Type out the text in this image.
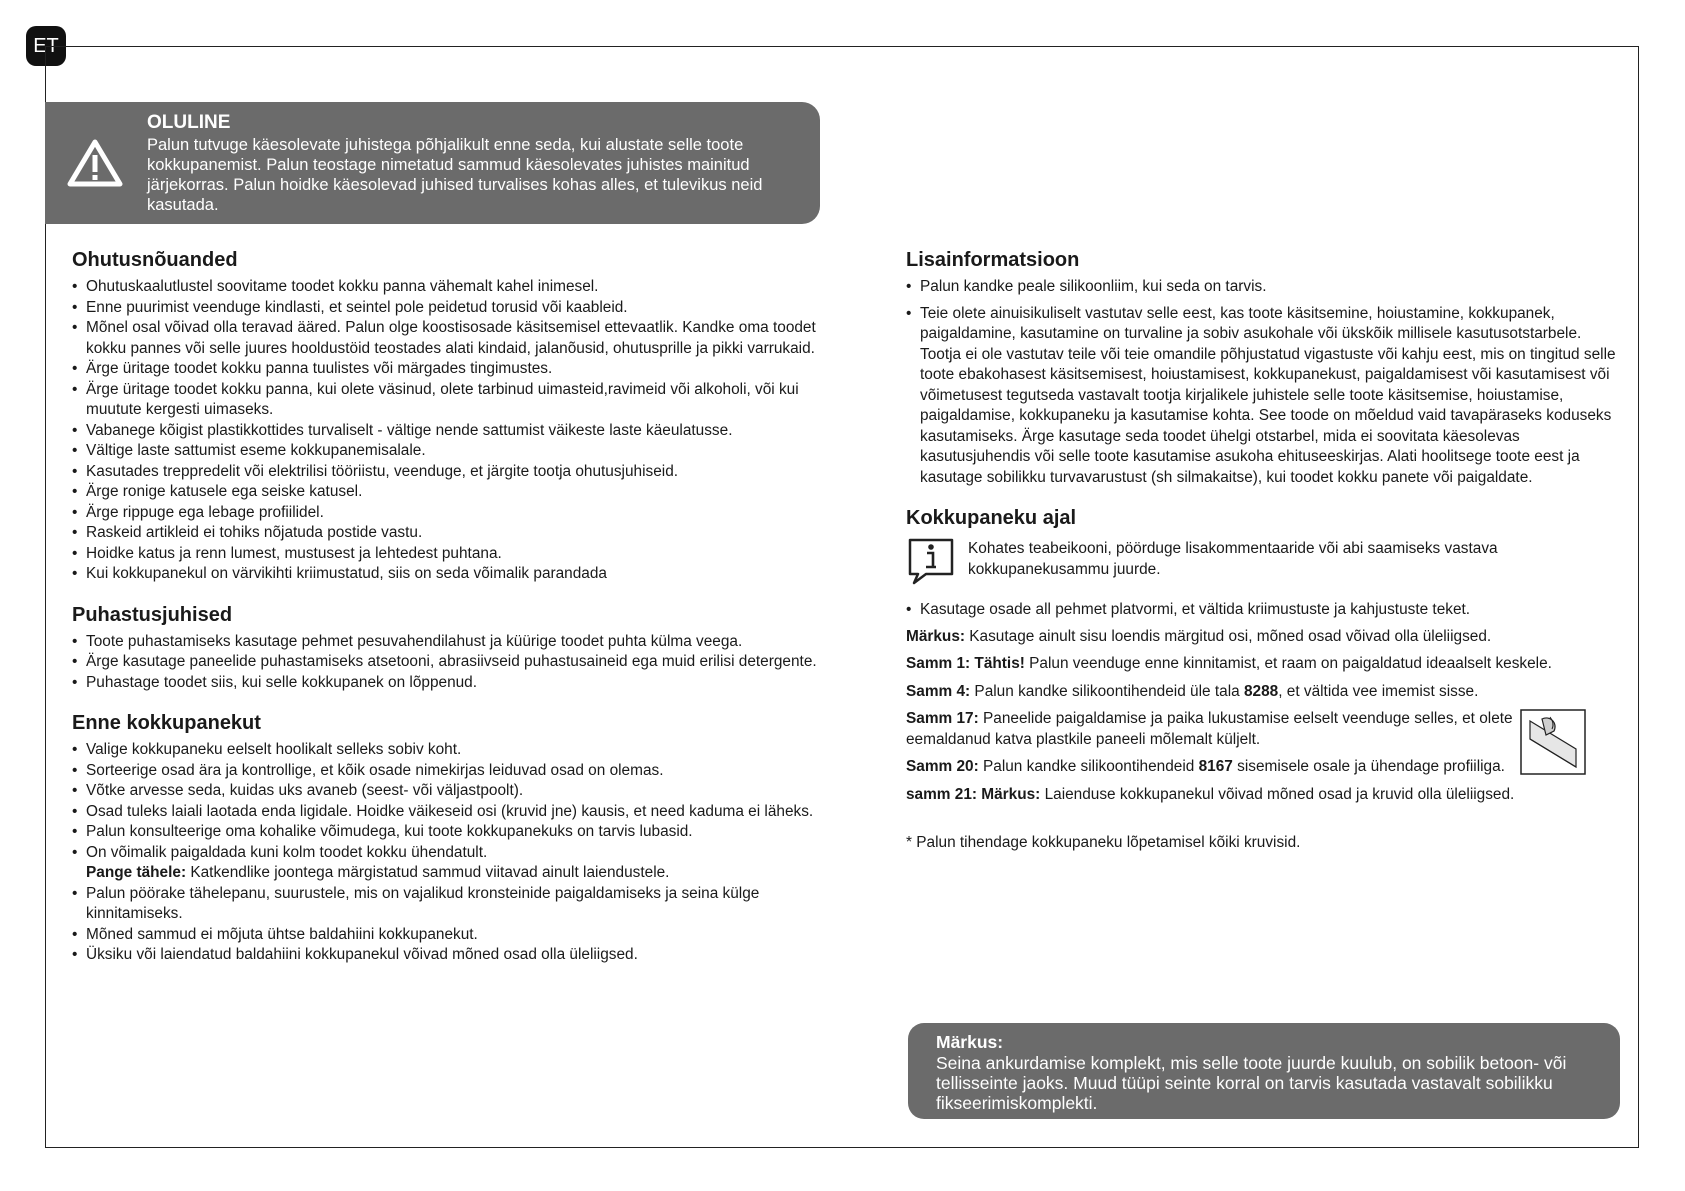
ET
OLULINE
Palun tutvuge käesolevate juhistega põhjalikult enne seda, kui alustate selle toote kokkupanemist. Palun teostage nimetatud sammud käesolevates juhistes mainitud järjekorras. Palun hoidke käesolevad juhised turvalises kohas alles, et tulevikus neid kasutada.
Ohutusnõuanded
• Ohutuskaalutlustel soovitame toodet kokku panna vähemalt kahel inimesel.
• Enne puurimist veenduge kindlasti, et seintel pole peidetud torusid või kaableid.
• Mõnel osal võivad olla teravad ääred. Palun olge koostisosade käsitsemisel ettevaatlik. Kandke oma toodet kokku pannes või selle juures hooldustöid teostades alati kindaid, jalanõusid, ohutusprille ja pikki varrukaid.
• Ärge üritage toodet kokku panna tuulistes või märgades tingimustes.
• Ärge üritage toodet kokku panna, kui olete väsinud, olete tarbinud uimasteid,ravimeid või alkoholi, või kui muutute kergesti uimaseks.
• Vabanege kõigist plastikkottides turvaliselt - vältige nende sattumist väikeste laste käeulatusse.
• Vältige laste sattumist eseme kokkupanemisalale.
• Kasutades treppredelit või elektrilisi tööriistu, veenduge, et järgite tootja ohutusjuhiseid.
• Ärge ronige katusele ega seiske katusel.
• Ärge rippuge ega lebage profiilidel.
• Raskeid artikleid ei tohiks nõjatuda postide vastu.
• Hoidke katus ja renn lumest, mustusest ja lehtedest puhtana.
• Kui kokkupanekul on värvikihti kriimustatud, siis on seda võimalik parandada
Puhastusjuhised
• Toote puhastamiseks kasutage pehmet pesuvahendilahust ja küürige toodet puhta külma veega.
• Ärge kasutage paneelide puhastamiseks atsetooni, abrasiivseid puhastusaineid ega muid erilisi detergente.
• Puhastage toodet siis, kui selle kokkupanek on lõppenud.
Enne kokkupanekut
• Valige kokkupaneku eelselt hoolikalt selleks sobiv koht.
• Sorteerige osad ära ja kontrollige, et kõik osade nimekirjas leiduvad osad on olemas.
• Võtke arvesse seda, kuidas uks avaneb (seest- või väljastpoolt).
• Osad tuleks laiali laotada enda ligidale. Hoidke väikeseid osi (kruvid jne) kausis, et need kaduma ei läheks.
• Palun konsulteerige oma kohalike võimudega, kui toote kokkupanekuks on tarvis lubasid.
• On võimalik paigaldada kuni kolm toodet kokku ühendatult.
Pange tähele: Katkendlike joontega märgistatud sammud viitavad ainult laiendustele.
• Palun pöörake tähelepanu, suurustele, mis on vajalikud kronsteinide paigaldamiseks ja seina külge kinnitamiseks.
• Mõned sammud ei mõjuta ühtse baldahiini kokkupanekut.
• Üksiku või laiendatud baldahiini kokkupanekul võivad mõned osad olla üleliigsed.
Lisainformatsioon
• Palun kandke peale silikoonliim, kui seda on tarvis.
• Teie olete ainuisikuliselt vastutav selle eest, kas toote käsitsemine, hoiustamine, kokkupanek, paigaldamine, kasutamine on turvaline ja sobiv asukohale või ükskõik millisele kasutusotstarbele. Tootja ei ole vastutav teile või teie omandile põhjustatud vigastuste või kahju eest, mis on tingitud selle toote ebakohasest käsitsemisest, hoiustamisest, kokkupanekust, paigaldamisest või kasutamisest või võimetusest tegutseda vastavalt tootja kirjalikele juhistele selle toote käsitsemise, hoiustamise, paigaldamise, kokkupaneku ja kasutamise kohta. See toode on mõeldud vaid tavapäraseks koduseks kasutamiseks. Ärge kasutage seda toodet ühelgi otstarbel, mida ei soovitata käesolevas kasutusjuhendis või selle toote kasutamise asukoha ehituseeskirjas. Alati hoolitsege toote eest ja kasutage sobilikku turvavarustust (sh silmakaitse), kui toodet kokku panete või paigaldate.
Kokkupaneku ajal
Kohates teabeikooni, pöörduge lisakommentaaride või abi saamiseks vastava kokkupanekusammu juurde.
• Kasutage osade all pehmet platvormi, et vältida kriimustuste ja kahjustuste teket.

Märkus: Kasutage ainult sisu loendis märgitud osi, mõned osad võivad olla üleliigsed.

Samm 1: Tähtis! Palun veenduge enne kinnitamist, et raam on paigaldatud ideaalselt keskele.

Samm 4: Palun kandke silikoontihendeid üle tala 8288, et vältida vee imemist sisse.

Samm 17: Paneelide paigaldamise ja paika lukustamise eelselt veenduge selles, et olete eemaldanud katva plastkile paneeli mõlemalt küljelt.

Samm 20: Palun kandke silikoontihendeid 8167 sisemisele osale ja ühendage profiiliga.

samm 21: Märkus: Laienduse kokkupanekul võivad mõned osad ja kruvid olla üleliigsed.

* Palun tihendage kokkupaneku lõpetamisel kõiki kruvisid.

Märkus:
Seina ankurdamise komplekt, mis selle toote juurde kuulub, on sobilik betoon- või tellisseinte jaoks. Muud tüüpi seinte korral on tarvis kasutada vastavalt sobilikku fikseerimiskomplekti.
